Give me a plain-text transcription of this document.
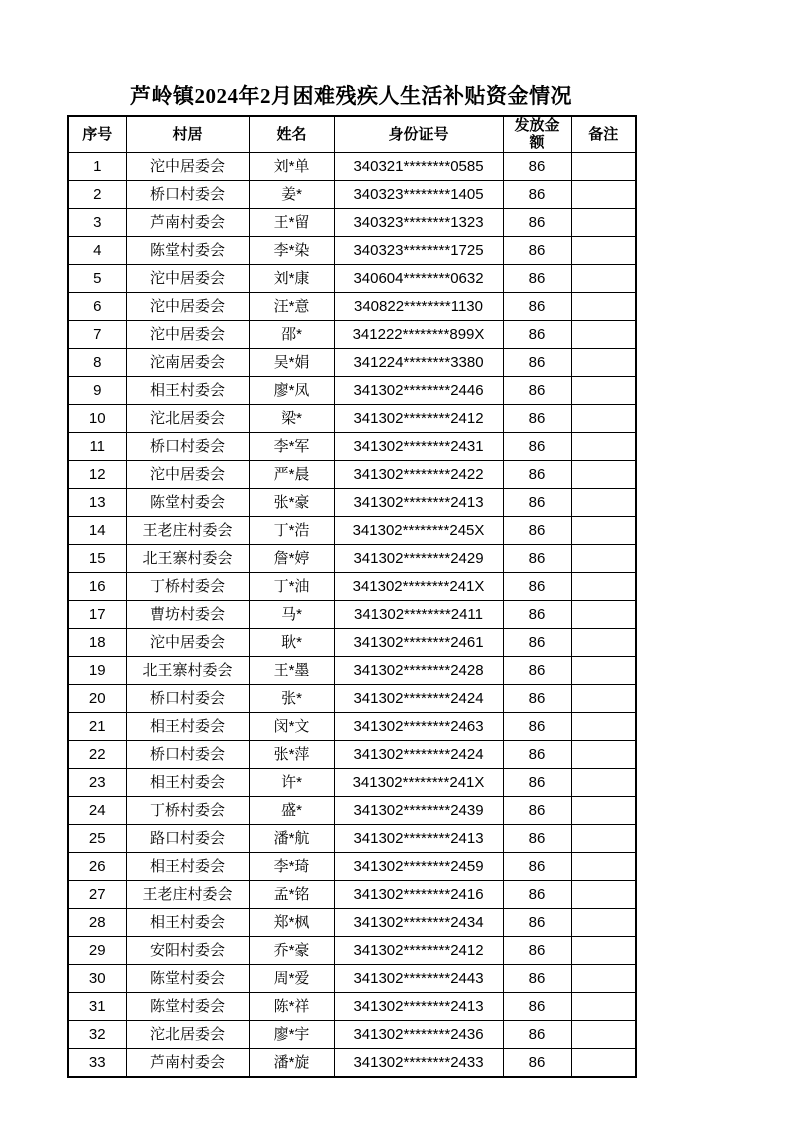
芦岭镇2024年2月困难残疾人生活补贴资金情况
序号	村居	姓名	身份证号	发放金额	备注
1	沱中居委会	刘*单	340321********0585	86	
2	桥口村委会	姜*	340323********1405	86	
3	芦南村委会	王*留	340323********1323	86	
4	陈堂村委会	李*染	340323********1725	86	
5	沱中居委会	刘*康	340604********0632	86	
6	沱中居委会	汪*意	340822********1130	86	
7	沱中居委会	邵*	341222********899X	86	
8	沱南居委会	吴*娟	341224********3380	86	
9	相王村委会	廖*凤	341302********2446	86	
10	沱北居委会	梁*	341302********2412	86	
11	桥口村委会	李*军	341302********2431	86	
12	沱中居委会	严*晨	341302********2422	86	
13	陈堂村委会	张*豪	341302********2413	86	
14	王老庄村委会	丁*浩	341302********245X	86	
15	北王寨村委会	詹*婷	341302********2429	86	
16	丁桥村委会	丁*油	341302********241X	86	
17	曹坊村委会	马*	341302********2411	86	
18	沱中居委会	耿*	341302********2461	86	
19	北王寨村委会	王*墨	341302********2428	86	
20	桥口村委会	张*	341302********2424	86	
21	相王村委会	闵*文	341302********2463	86	
22	桥口村委会	张*萍	341302********2424	86	
23	相王村委会	许*	341302********241X	86	
24	丁桥村委会	盛*	341302********2439	86	
25	路口村委会	潘*航	341302********2413	86	
26	相王村委会	李*琦	341302********2459	86	
27	王老庄村委会	孟*铭	341302********2416	86	
28	相王村委会	郑*枫	341302********2434	86	
29	安阳村委会	乔*豪	341302********2412	86	
30	陈堂村委会	周*爱	341302********2443	86	
31	陈堂村委会	陈*祥	341302********2413	86	
32	沱北居委会	廖*宇	341302********2436	86	
33	芦南村委会	潘*旋	341302********2433	86	
